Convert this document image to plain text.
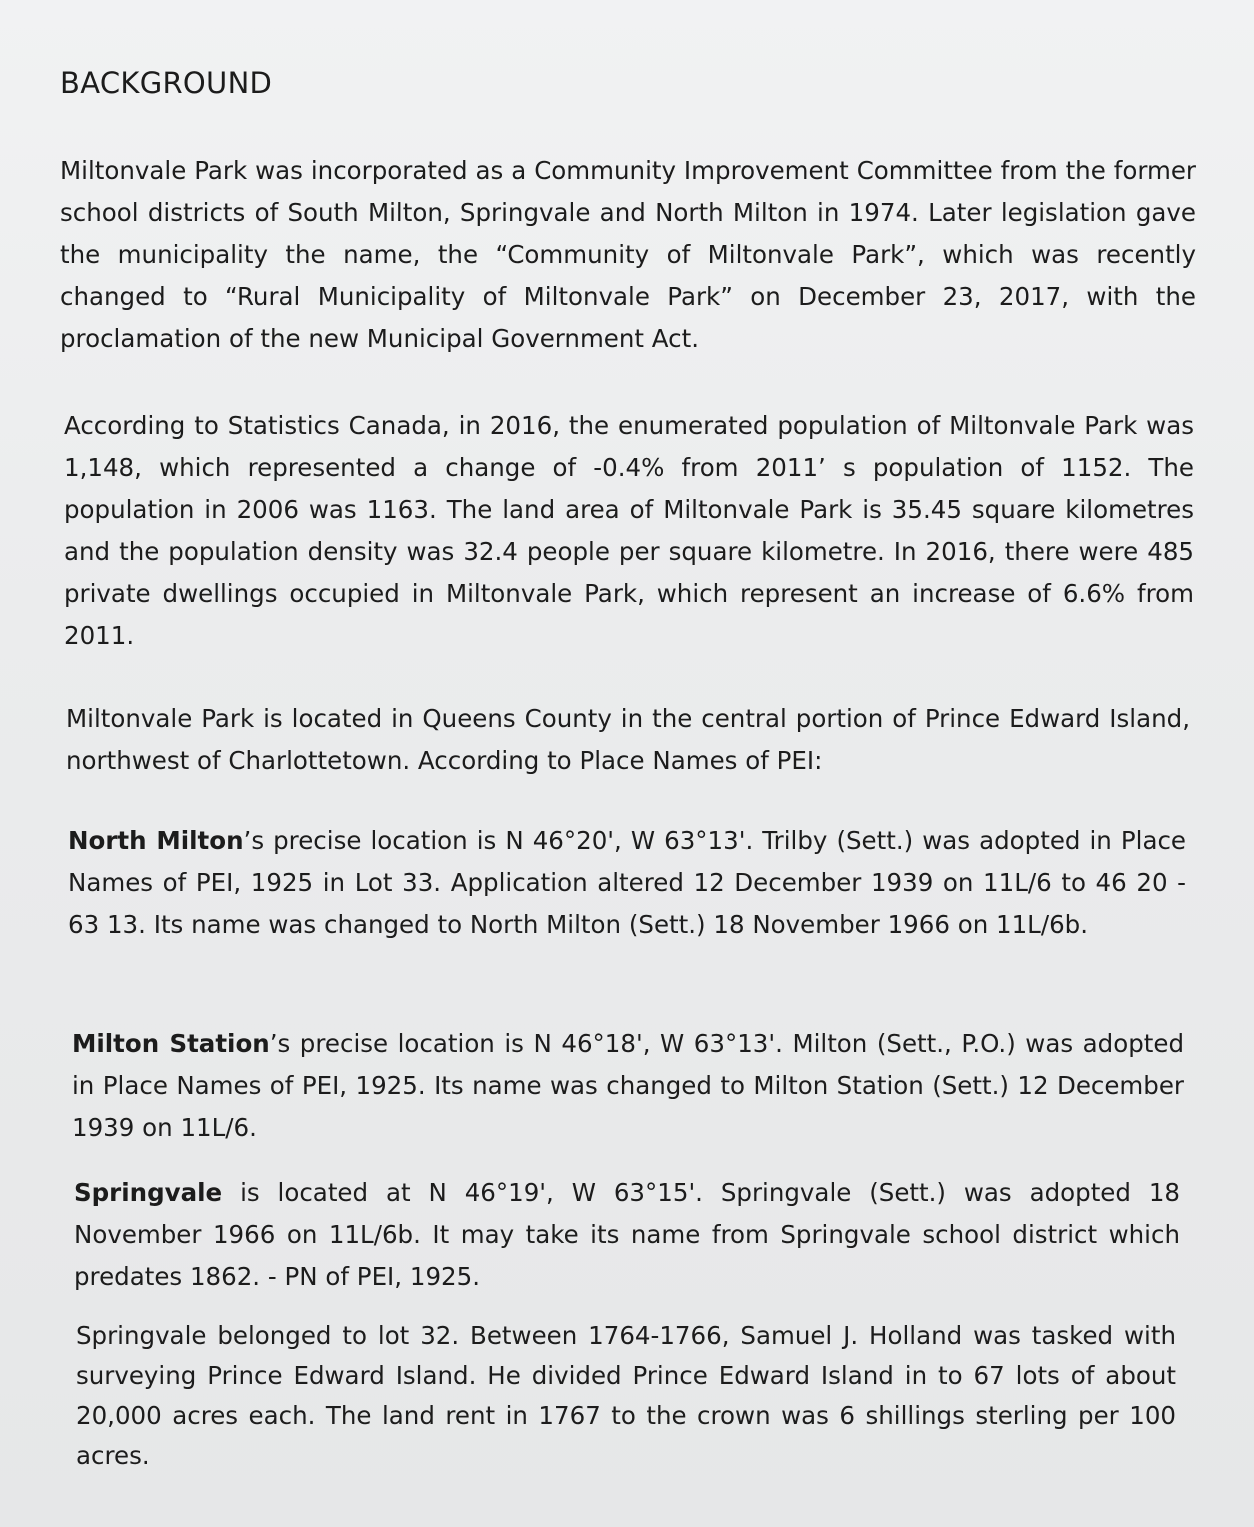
BACKGROUND

Miltonvale Park was incorporated as a Community Improvement Committee from the former school districts of South Milton, Springvale and North Milton in 1974. Later legislation gave the municipality the name, the “Community of Miltonvale Park”, which was recently changed to “Rural Municipality of Miltonvale Park” on December 23, 2017, with the proclamation of the new Municipal Government Act.

According to Statistics Canada, in 2016, the enumerated population of Miltonvale Park was 1,148, which represented a change of -0.4% from 2011’ s population of 1152. The population in 2006 was 1163. The land area of Miltonvale Park is 35.45 square kilometres and the population density was 32.4 people per square kilometre. In 2016, there were 485 private dwellings occupied in Miltonvale Park, which represent an increase of 6.6% from 2011.

Miltonvale Park is located in Queens County in the central portion of Prince Edward Island, northwest of Charlottetown. According to Place Names of PEI:

North Milton’s precise location is N 46°20', W 63°13'. Trilby (Sett.) was adopted in Place Names of PEI, 1925 in Lot 33. Application altered 12 December 1939 on 11L/6 to 46 20 - 63 13. Its name was changed to North Milton (Sett.) 18 November 1966 on 11L/6b.

Milton Station’s precise location is N 46°18', W 63°13'. Milton (Sett., P.O.) was adopted in Place Names of PEI, 1925. Its name was changed to Milton Station (Sett.) 12 December 1939 on 11L/6.

Springvale is located at N 46°19', W 63°15'. Springvale (Sett.) was adopted 18 November 1966 on 11L/6b. It may take its name from Springvale school district which predates 1862. - PN of PEI, 1925.

Springvale belonged to lot 32. Between 1764-1766, Samuel J. Holland was tasked with surveying Prince Edward Island. He divided Prince Edward Island in to 67 lots of about 20,000 acres each. The land rent in 1767 to the crown was 6 shillings sterling per 100 acres.
